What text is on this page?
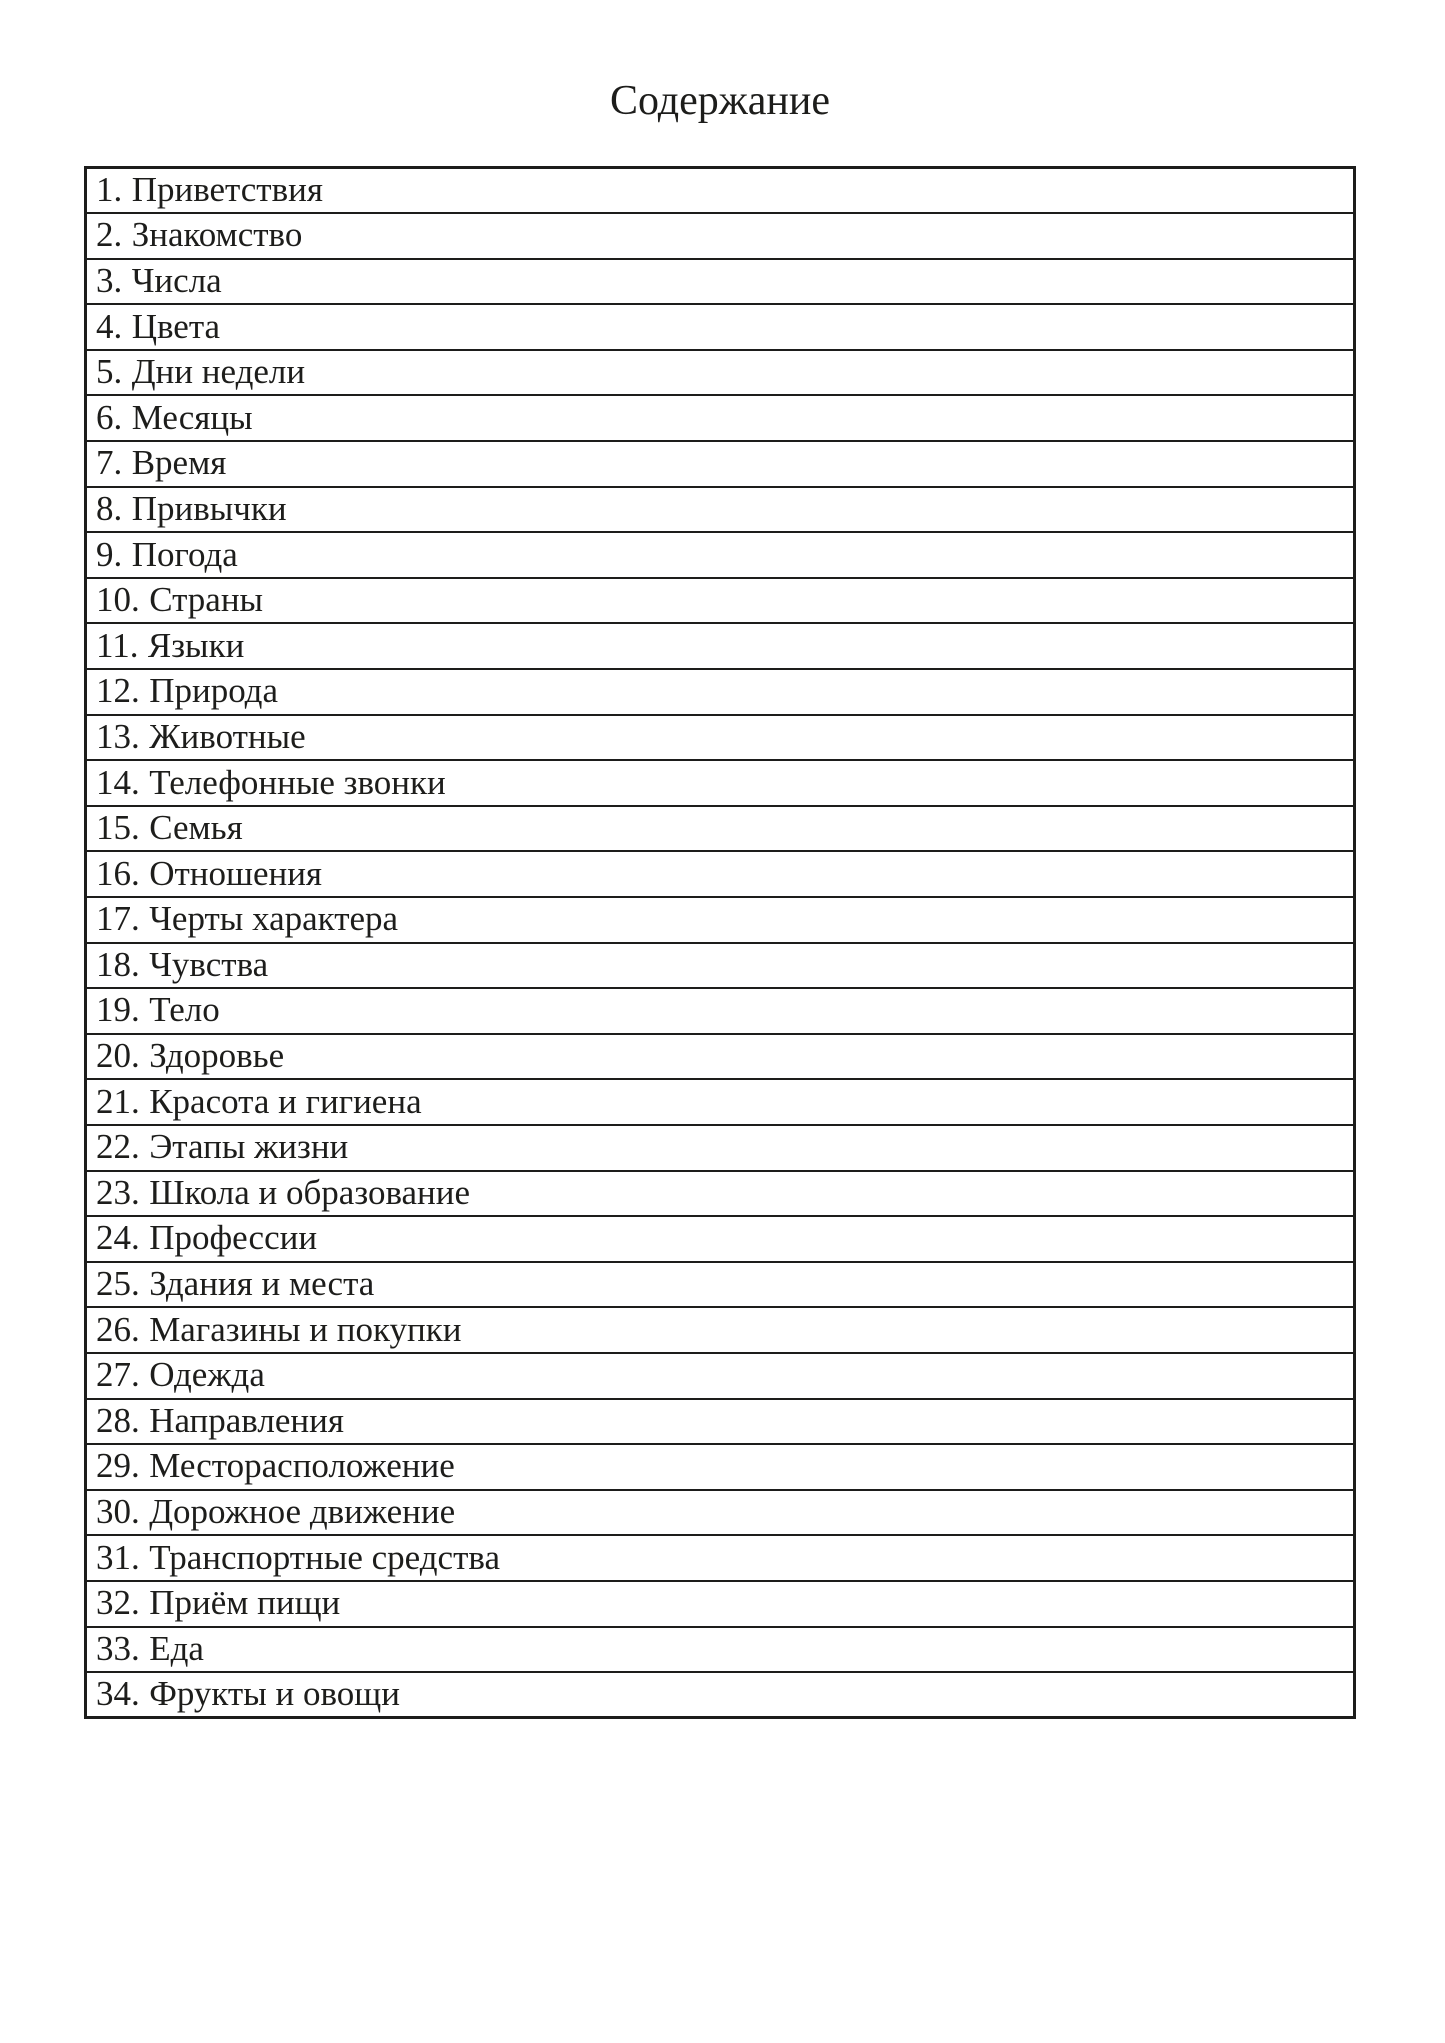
Содержание
1. Приветствия
2. Знакомство
3. Числа
4. Цвета
5. Дни недели
6. Месяцы
7. Время
8. Привычки
9. Погода
10. Страны
11. Языки
12. Природа
13. Животные
14. Телефонные звонки
15. Семья
16. Отношения
17. Черты характера
18. Чувства
19. Тело
20. Здоровье
21. Красота и гигиена
22. Этапы жизни
23. Школа и образование
24. Профессии
25. Здания и места
26. Магазины и покупки
27. Одежда
28. Направления
29. Месторасположение
30. Дорожное движение
31. Транспортные средства
32. Приём пищи
33. Еда
34. Фрукты и овощи
